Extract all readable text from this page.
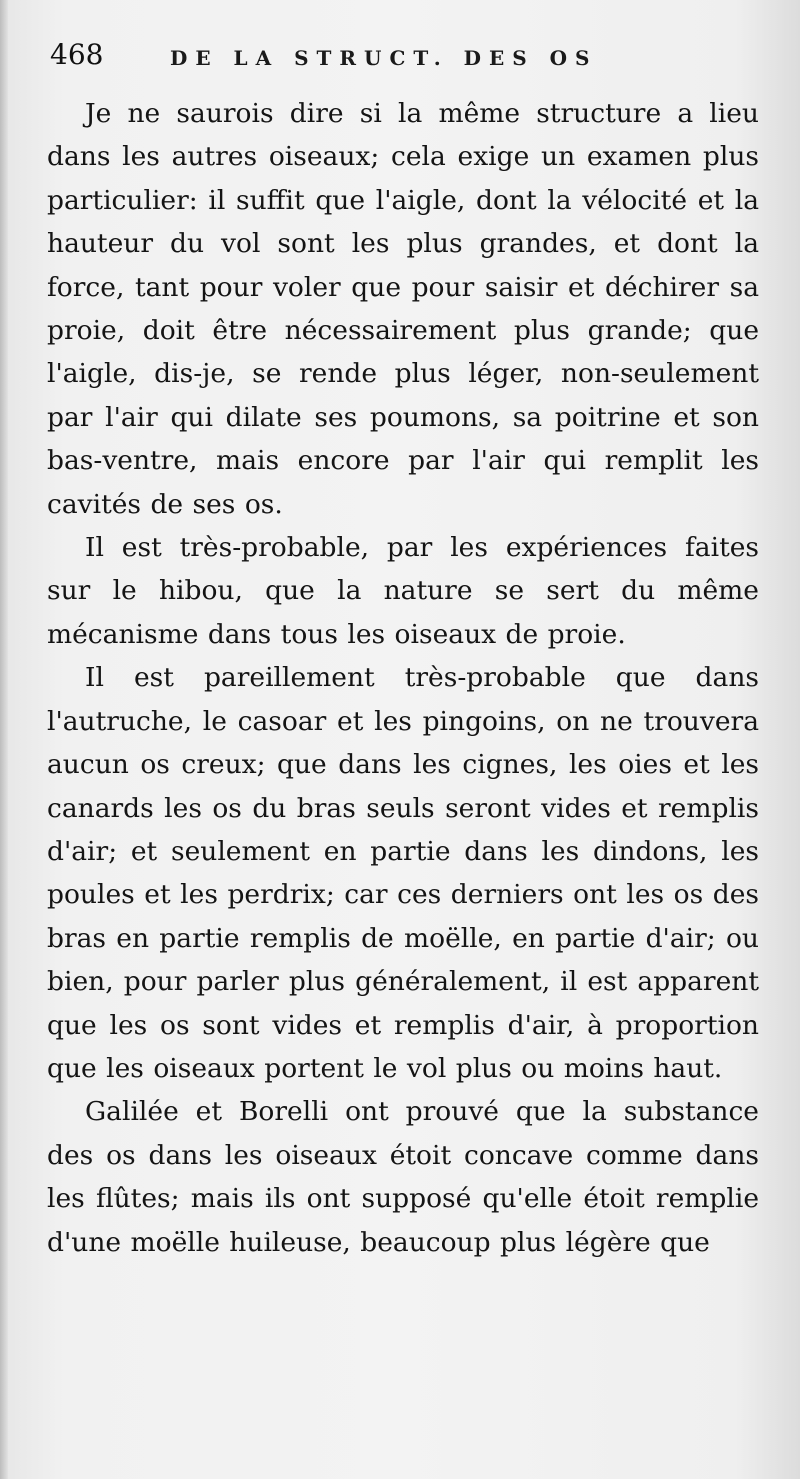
468	DE LA STRUCT. DES OS

Je ne saurois dire si la même structure a lieu dans les autres oiseaux; cela exige un examen plus particulier: il suffit que l'aigle, dont la vélocité et la hauteur du vol sont les plus grandes, et dont la force, tant pour voler que pour saisir et déchirer sa proie, doit être nécessairement plus grande; que l'aigle, dis-je, se rende plus léger, non-seulement par l'air qui dilate ses poumons, sa poitrine et son bas-ventre, mais encore par l'air qui remplit les cavités de ses os.

Il est très-probable, par les expériences faites sur le hibou, que la nature se sert du même mécanisme dans tous les oiseaux de proie.

Il est pareillement très-probable que dans l'autruche, le casoar et les pingoins, on ne trouvera aucun os creux; que dans les cignes, les oies et les canards les os du bras seuls seront vides et remplis d'air; et seulement en partie dans les dindons, les poules et les perdrix; car ces derniers ont les os des bras en partie remplis de moëlle, en partie d'air; ou bien, pour parler plus généralement, il est apparent que les os sont vides et remplis d'air, à proportion que les oiseaux portent le vol plus ou moins haut.

Galilée et Borelli ont prouvé que la substance des os dans les oiseaux étoit concave comme dans les flûtes; mais ils ont supposé qu'elle étoit remplie d'une moëlle huileuse, beaucoup plus légère que
